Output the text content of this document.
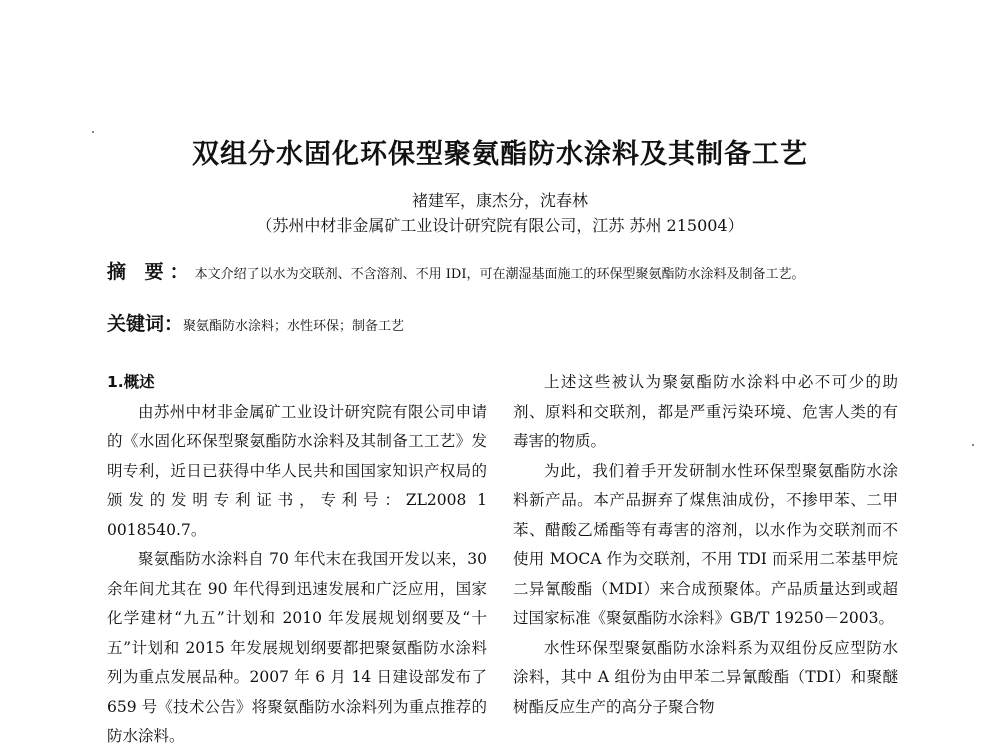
双组分水固化环保型聚氨酯防水涂料及其制备工艺
褚建军，康杰分，沈春林
（苏州中材非金属矿工业设计研究院有限公司，江苏 苏州 215004）
摘 要：本文介绍了以水为交联剂、不含溶剂、不用 IDI，可在潮湿基面施工的环保型聚氨酯防水涂料及制备工艺。
关键词：聚氨酯防水涂料；水性环保；制备工艺
1.概述

由苏州中材非金属矿工业设计研究院有限公司申请的《水固化环保型聚氨酯防水涂料及其制备工工艺》发明专利，近日已获得中华人民共和国国家知识产权局的颁发的发明专利证书，专利号：ZL2008 1 0018540.7。

聚氨酯防水涂料自 70 年代末在我国开发以来，30 余年间尤其在 90 年代得到迅速发展和广泛应用，国家化学建材“九五”计划和 2010 年发展规划纲要及“十五”计划和 2015 年发展规划纲要都把聚氨酯防水涂料列为重点发展品种。2007 年 6 月 14 日建设部发布了 659 号《技术公告》将聚氨酯防水涂料列为重点推荐的防水涂料。

上述这些被认为聚氨酯防水涂料中必不可少的助剂、原料和交联剂，都是严重污染环境、危害人类的有毒害的物质。

为此，我们着手开发研制水性环保型聚氨酯防水涂料新产品。本产品摒弃了煤焦油成份，不掺甲苯、二甲苯、醋酸乙烯酯等有毒害的溶剂，以水作为交联剂而不使用 MOCA 作为交联剂，不用 TDI 而采用二苯基甲烷二异氰酸酯（MDI）来合成预聚体。产品质量达到或超过国家标准《聚氨酯防水涂料》GB/T 19250－2003。

水性环保型聚氨酯防水涂料系为双组份反应型防水涂料，其中 A 组份为由甲苯二异氰酸酯（TDI）和聚醚树酯反应生产的高分子聚合物
